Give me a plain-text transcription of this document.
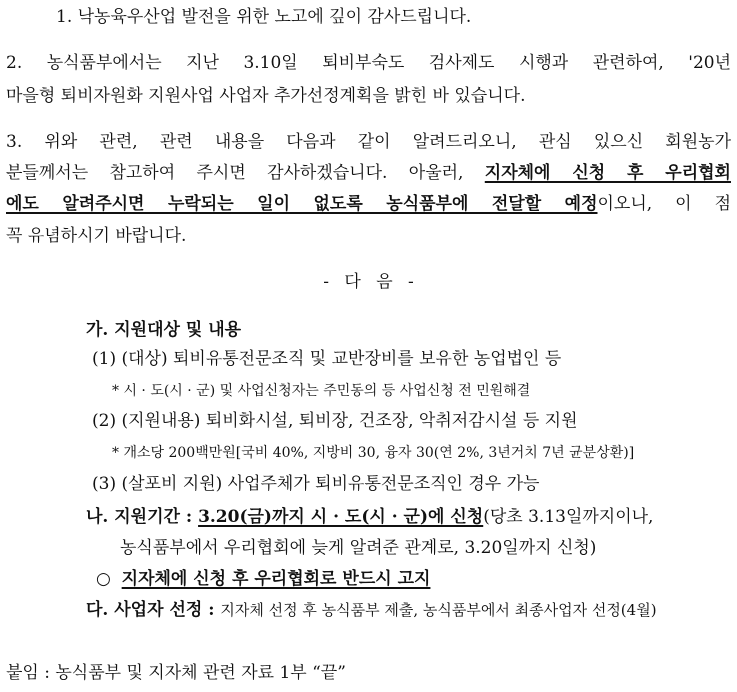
1. 낙농육우산업 발전을 위한 노고에 깊이 감사드립니다.
2. 농식품부에서는 지난 3.10일 퇴비부숙도 검사제도 시행과 관련하여, '20년
마을형 퇴비자원화 지원사업 사업자 추가선정계획을 밝힌 바 있습니다.
3. 위와 관련, 관련 내용을 다음과 같이 알려드리오니, 관심 있으신 회원농가
분들께서는 참고하여 주시면 감사하겠습니다. 아울러, 지자체에 신청 후 우리협회
에도 알려주시면 누락되는 일이 없도록 농식품부에 전달할 예정이오니, 이 점
꼭 유념하시기 바랍니다.
- 다 음 -
가. 지원대상 및 내용
(1) (대상) 퇴비유통전문조직 및 교반장비를 보유한 농업법인 등
* 시 · 도(시 · 군) 및 사업신청자는 주민동의 등 사업신청 전 민원해결
(2) (지원내용) 퇴비화시설, 퇴비장, 건조장, 악취저감시설 등 지원
* 개소당 200백만원[국비 40%, 지방비 30, 융자 30(연 2%, 3년거치 7년 균분상환)]
(3) (살포비 지원) 사업주체가 퇴비유통전문조직인 경우 가능
나. 지원기간 : 3.20(금)까지 시 · 도(시 · 군)에 신청(당초 3.13일까지이나,
농식품부에서 우리협회에 늦게 알려준 관계로, 3.20일까지 신청)
○ 지자체에 신청 후 우리협회로 반드시 고지
다. 사업자 선정 : 지자체 선정 후 농식품부 제출, 농식품부에서 최종사업자 선정(4월)
붙임 : 농식품부 및 지자체 관련 자료 1부 “끝”
